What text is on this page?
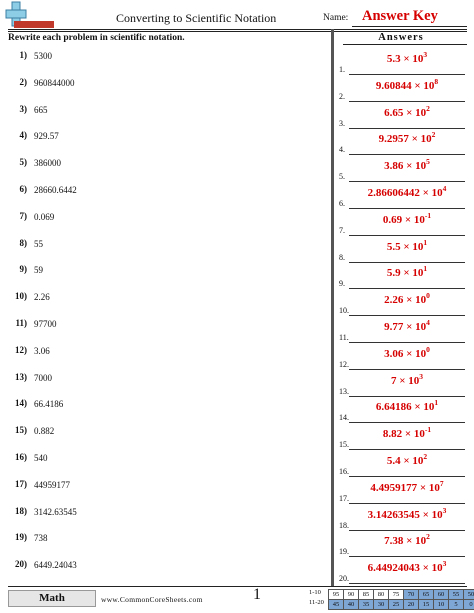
Converting to Scientific Notation	Name: Answer Key
Rewrite each problem in scientific notation.	Answers
1) 5300
2) 960844000
3) 665
4) 929.57
5) 386000
6) 28660.6442
7) 0.069
8) 55
9) 59
10) 2.26
11) 97700
12) 3.06
13) 7000
14) 66.4186
15) 0.882
16) 540
17) 44959177
18) 3142.63545
19) 738
20) 6449.24043
1.
$5.3 \times 10^3$
2.
$9.60844 \times 10^8$
3.
$6.65 \times 10^2$
4.
$9.2957 \times 10^2$
5.
$3.86 \times 10^5$
6.
$2.86606442 \times 10^4$
7.
$0.69 \times 10^{-1}$
8.
$5.5 \times 10^1$
9.
$5.9 \times 10^1$
10.
$2.26 \times 10^0$
11.
$9.77 \times 10^4$
12.
$3.06 \times 10^0$
13.
$7 \times 10^3$
14.
$6.64186 \times 10^1$
15.
$8.82 \times 10^{-1}$
16.
$5.4 \times 10^2$
17.
$4.4959177 \times 10^7$
18.
$3.14263545 \times 10^3$
19.
$7.38 \times 10^2$
20.
$6.44924043 \times 10^3$
Math	www.CommonCoreSheets.com	1	1-10	95	90	85	80	75	70	65	60	55	50
11-20	45	40	35	30	25	20	15	10	5	0
